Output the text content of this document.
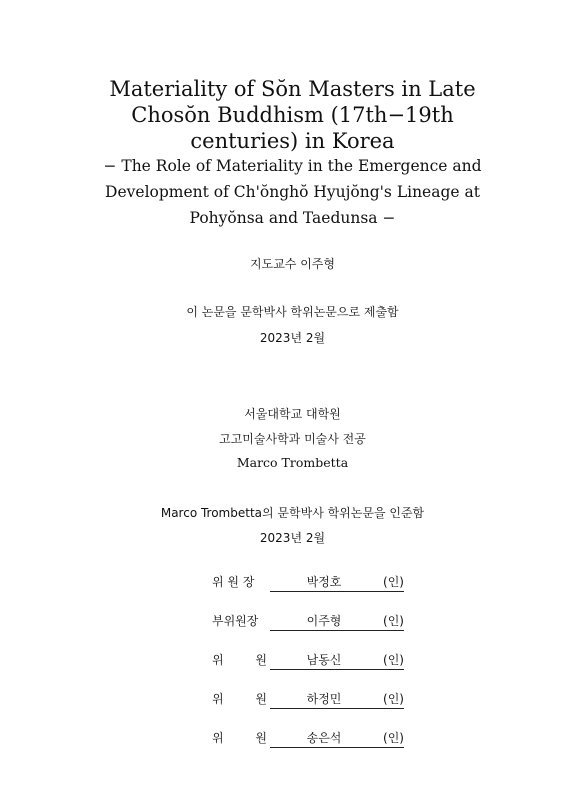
Materiality of Sŏn Masters in Late
Chosŏn Buddhism (17th−19th
centuries) in Korea
− The Role of Materiality in the Emergence and
Development of Ch'ŏnghŏ Hyujŏng's Lineage at
Pohyŏnsa and Taedunsa −
지도교수 이주형
이 논문을 문학박사 학위논문으로 제출함
2023년 2월
서울대학교 대학원
고고미술사학과 미술사 전공
Marco Trombetta
Marco Trombetta의 문학박사 학위논문을 인준함
2023년 2월
위 원 장	박정호	(인)
부위원장	이주형	(인)
위 원	남동신	(인)
위 원	하정민	(인)
위 원	송은석	(인)
